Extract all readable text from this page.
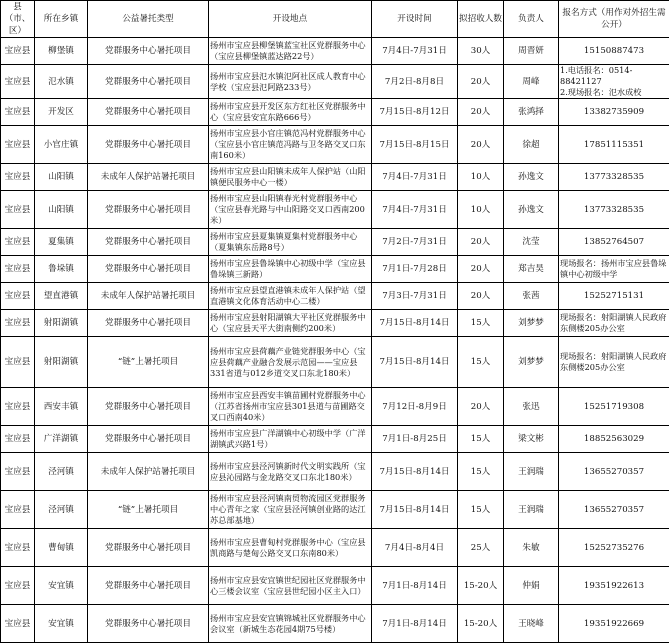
县（市、区）	所在乡镇	公益暑托类型	开设地点	开设时间	拟招收人数	负责人	报名方式（用作对外招生需公开）
宝应县	柳堡镇	党群服务中心暑托项目	扬州市宝应县柳堡镇蓝宝社区党群服务中心（宝应县柳堡镇蓝达路22号）	7月4日-7月31日	30人	周晋妍	15150887473
宝应县	氾水镇	党群服务中心暑托项目	扬州市宝应县氾水镇氾阿社区成人教育中心学校（宝应县氾阿路233号）	7月2日-8月8日	20人	周峰	1.电话报名：0514-88421127
2.现场报名：氾水成校
宝应县	开发区	党群服务中心暑托项目	扬州市宝应县开发区东方红社区党群服务中心（宝应县安宜东路666号）	7月15日-8月12日	20人	张鸿择	13382735909
宝应县	小官庄镇	党群服务中心暑托项目	扬州市宝应县小官庄镇范冯村党群服务中心（宝应县小官庄镇范冯路与卫冬路交叉口东南160米）	7月15日-8月15日	20人	徐超	17851115351
宝应县	山阳镇	未成年人保护站暑托项目	扬州市宝应县山阳镇未成年人保护站（山阳镇便民服务中心一楼）	7月4日-7月31日	10人	孙逸文	13773328535
宝应县	山阳镇	党群服务中心暑托项目	扬州市宝应县山阳镇春光村党群服务中心（宝应县春光路与中山阳路交叉口西南200米）	7月4日-7月31日	10人	孙逸文	13773328535
宝应县	夏集镇	党群服务中心暑托项目	扬州市宝应县夏集镇夏集村党群服务中心（夏集镇东岳路8号）	7月2日-7月31日	20人	沈莹	13852764507
宝应县	鲁垛镇	党群服务中心暑托项目	扬州市宝应县鲁垛镇中心初级中学（宝应县鲁垛镇三新路）	7月1日-7月28日	20人	郑吉昊	现场报名：扬州市宝应县鲁垛镇中心初级中学
宝应县	望直港镇	未成年人保护站暑托项目	扬州市宝应县望直港镇未成年人保护站（望直港镇文化体育活动中心二楼）	7月3日-7月31日	20人	张茜	15252715131
宝应县	射阳湖镇	党群服务中心暑托项目	扬州市宝应县射阳湖镇大平社区党群服务中心（宝应县天平大街南侧约200米）	7月15日-8月14日	15人	刘梦梦	现场报名：射阳湖镇人民政府东侧楼205办公室
宝应县	射阳湖镇	“链”上暑托项目	扬州市宝应县荷藕产业链党群服务中心（宝应县荷藕产业融合发展示范园——宝应县331省道与012乡道交叉口东北180米）	7月15日-8月14日	15人	刘梦梦	现场报名：射阳湖镇人民政府东侧楼205办公室
宝应县	西安丰镇	党群服务中心暑托项目	扬州市宝应县西安丰镇苗圃村党群服务中心（江苏省扬州市宝应县301县道与苗圃路交叉口西南40米）	7月12日-8月9日	20人	张迅	15251719308
宝应县	广洋湖镇	党群服务中心暑托项目	扬州市宝应县广洋湖镇中心初级中学（广洋湖镇武兴路1号）	7月1日-8月25日	15人	梁文彬	18852563029
宝应县	泾河镇	未成年人保护站暑托项目	扬州市宝应县泾河镇新时代文明实践所（宝应县沁园路与金龙路交叉口东北180米）	7月15日-8月14日	15人	王润瑞	13655270357
宝应县	泾河镇	“链”上暑托项目	扬州市宝应县泾河镇南贸物流园区党群服务中心青年之家（宝应县泾河镇创业路的达江苏总部基地）	7月15日-8月14日	15人	王润瑞	13655270357
宝应县	曹甸镇	党群服务中心暑托项目	扬州市宝应县曹甸村党群服务中心（宝应县凯商路与楚甸公路交叉口东南80米）	7月4日-8月4日	25人	朱敏	15252735276
宝应县	安宜镇	党群服务中心暑托项目	扬州市宝应县安宜镇世纪园社区党群服务中心三楼会议室（宝应县世纪园小区主入口）	7月1日-8月14日	15-20人	仲娟	19351922613
宝应县	安宜镇	党群服务中心暑托项目	扬州市宝应县安宜镇锦城社区党群服务中心会议室（新城生态花园4期75号楼）	7月1日-8月14日	15-20人	王晓峰	19351922669
